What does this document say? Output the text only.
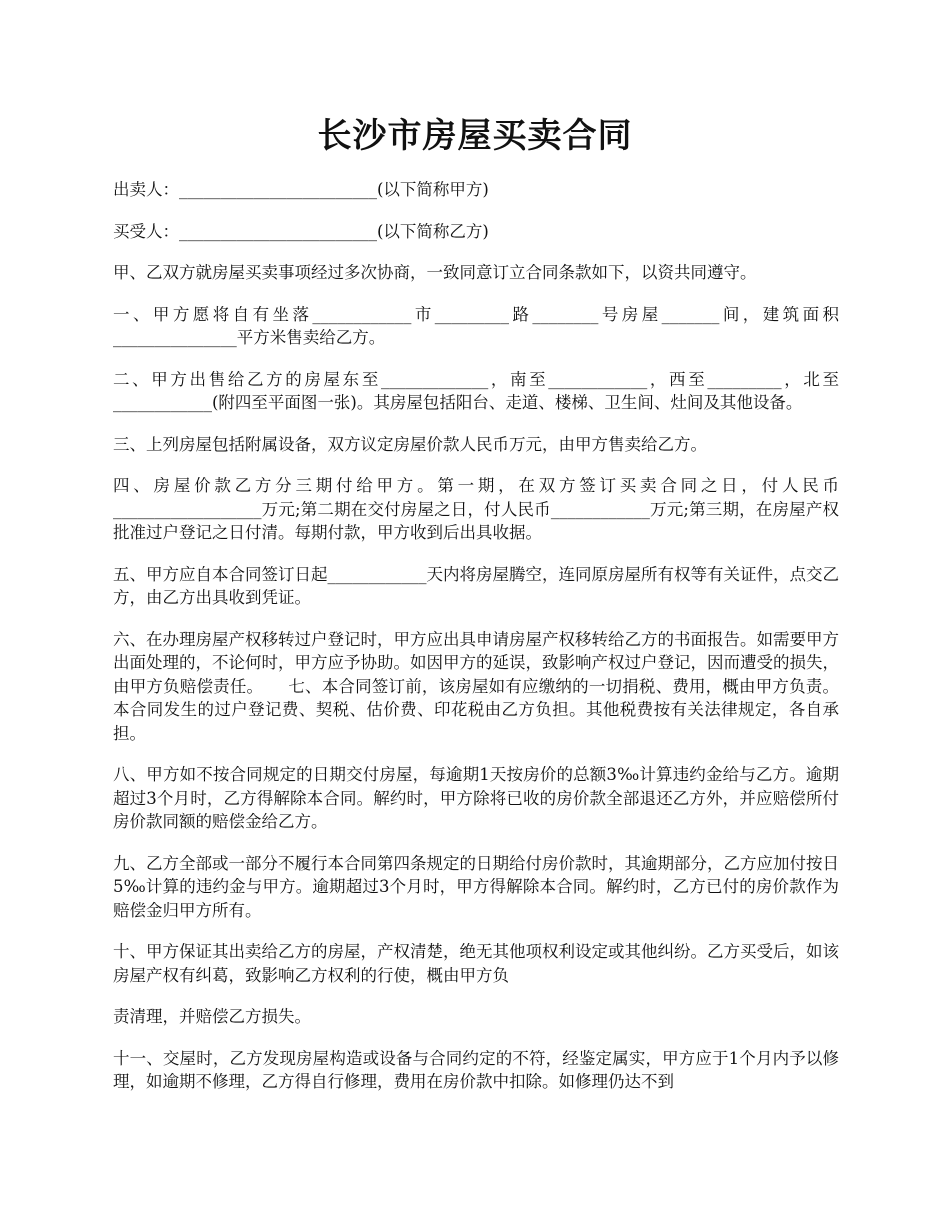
长沙市房屋买卖合同

出卖人：________________________(以下简称甲方)

买受人：________________________(以下简称乙方)

甲、乙双方就房屋买卖事项经过多次协商，一致同意订立合同条款如下，以资共同遵守。

一、甲方愿将自有坐落____________市_________路________号房屋_______间，建筑面积_______________平方米售卖给乙方。

二、甲方出售给乙方的房屋东至_____________，南至____________，西至_________，北至____________(附四至平面图一张)。其房屋包括阳台、走道、楼梯、卫生间、灶间及其他设备。

三、上列房屋包括附属设备，双方议定房屋价款人民币万元，由甲方售卖给乙方。

四、房屋价款乙方分三期付给甲方。第一期，在双方签订买卖合同之日，付人民币__________________万元;第二期在交付房屋之日，付人民币____________万元;第三期，在房屋产权批准过户登记之日付清。每期付款，甲方收到后出具收据。

五、甲方应自本合同签订日起____________天内将房屋腾空，连同原房屋所有权等有关证件，点交乙方，由乙方出具收到凭证。

六、在办理房屋产权移转过户登记时，甲方应出具申请房屋产权移转给乙方的书面报告。如需要甲方出面处理的，不论何时，甲方应予协助。如因甲方的延误，致影响产权过户登记，因而遭受的损失，由甲方负赔偿责任。　　七、本合同签订前，该房屋如有应缴纳的一切捐税、费用，概由甲方负责。本合同发生的过户登记费、契税、估价费、印花税由乙方负担。其他税费按有关法律规定，各自承担。

八、甲方如不按合同规定的日期交付房屋，每逾期1天按房价的总额3‰计算违约金给与乙方。逾期超过3个月时，乙方得解除本合同。解约时，甲方除将已收的房价款全部退还乙方外，并应赔偿所付房价款同额的赔偿金给乙方。

九、乙方全部或一部分不履行本合同第四条规定的日期给付房价款时，其逾期部分，乙方应加付按日5‰计算的违约金与甲方。逾期超过3个月时，甲方得解除本合同。解约时，乙方已付的房价款作为赔偿金归甲方所有。

十、甲方保证其出卖给乙方的房屋，产权清楚，绝无其他项权利设定或其他纠纷。乙方买受后，如该房屋产权有纠葛，致影响乙方权利的行使，概由甲方负

责清理，并赔偿乙方损失。

十一、交屋时，乙方发现房屋构造或设备与合同约定的不符，经鉴定属实，甲方应于1个月内予以修理，如逾期不修理，乙方得自行修理，费用在房价款中扣除。如修理仍达不到
